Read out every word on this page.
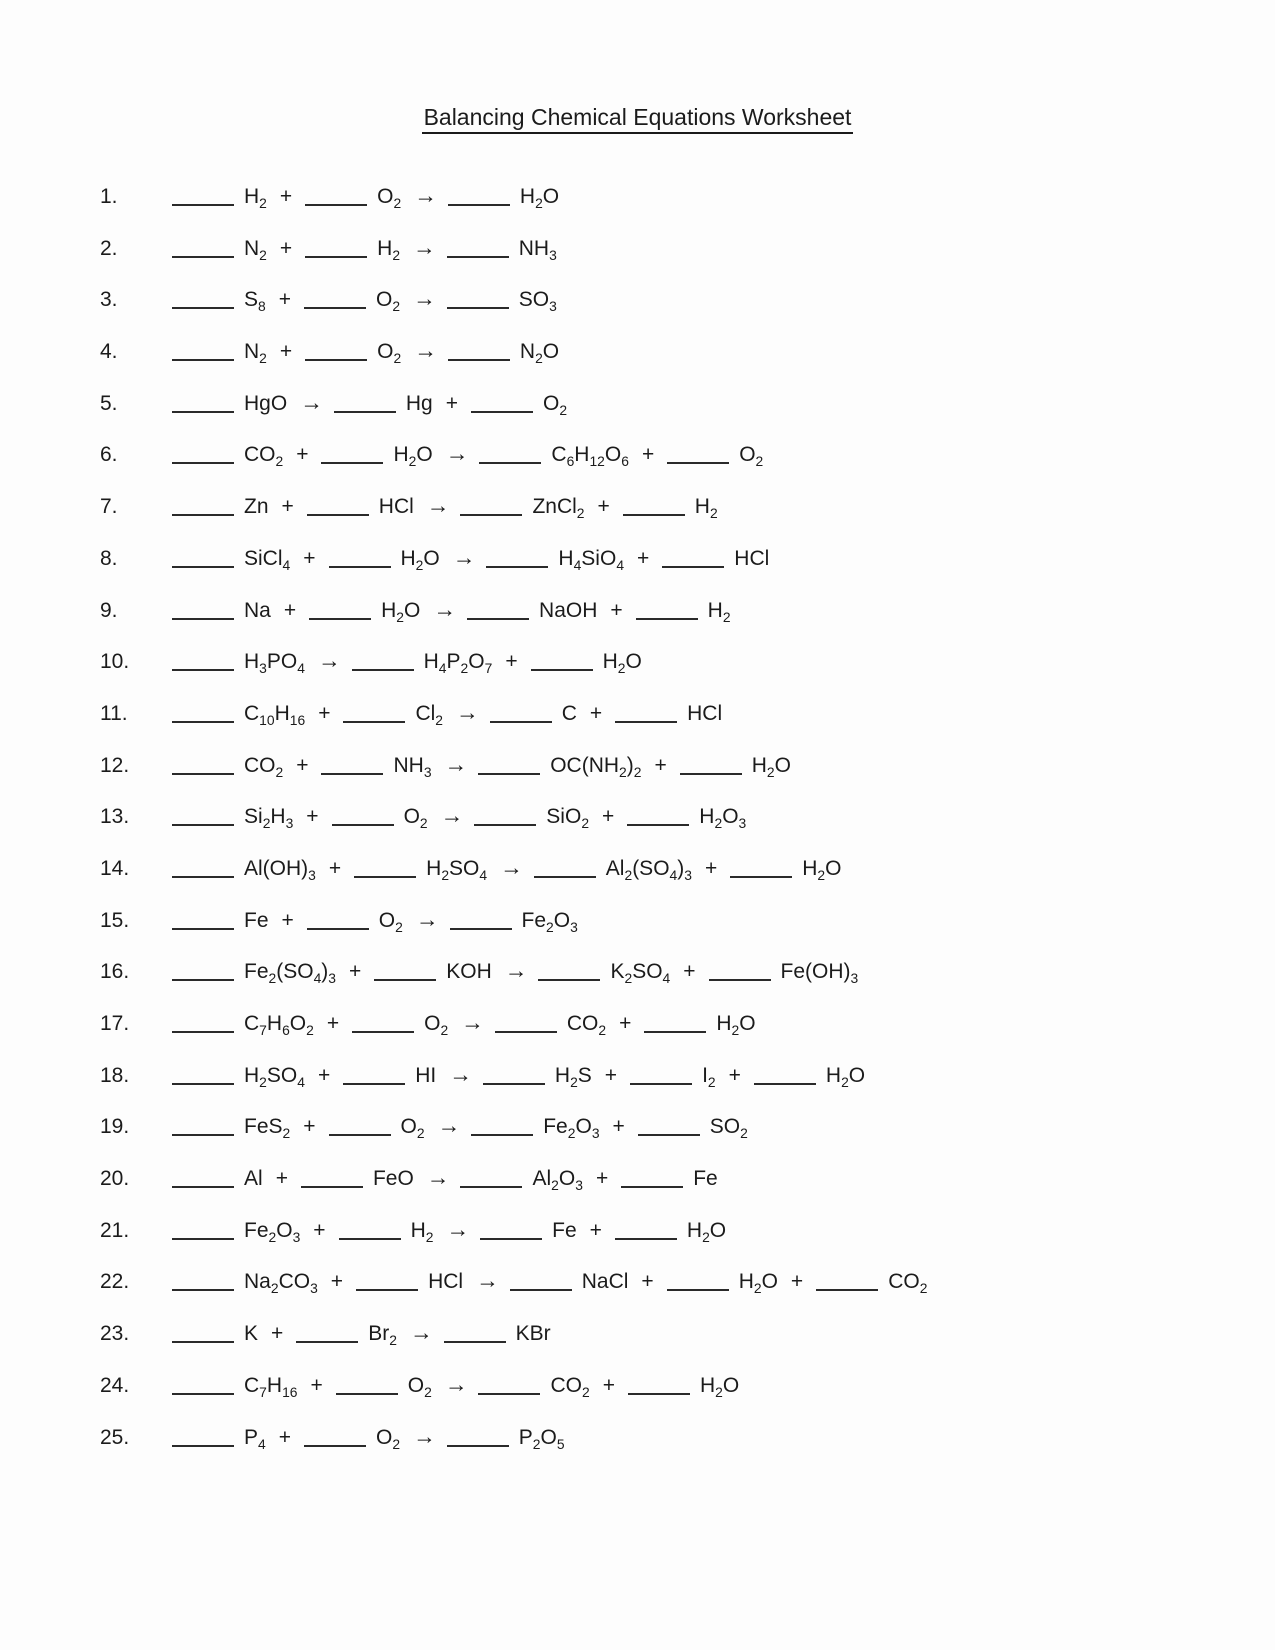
Balancing Chemical Equations Worksheet
1.	$H_2$ +	$O_2$ →	$H_2O$
2.	$N_2$ +	$H_2$ →	$NH_3$
3.	$S_8$ +	$O_2$ →	$SO_3$
4.	$N_2$ +	$O_2$ →	$N_2O$
5.	HgO →	Hg +	$O_2$
6.	$CO_2$ +	$H_2O$ →	$C_6H_{12}O_6$ +	$O_2$
7.	Zn +	HCl →	ZnCl$_2$ +	$H_2$
8.	SiCl$_4$ +	$H_2O$ →	$H_4SiO_4$ +	HCl
9.	Na +	$H_2O$ →	NaOH +	$H_2$
10.	$H_3PO_4$ →	$H_4P_2O_7$ +	$H_2O$
11.	$C_{10}H_{16}$ +	$Cl_2$ →	C +	HCl
12.	$CO_2$ +	$NH_3$ →	$OC(NH_2)_2$ +	$H_2O$
13.	$Si_2H_3$ +	$O_2$ →	SiO$_2$ +	$H_2O_3$
14.	$Al(OH)_3$ +	$H_2SO_4$ →	$Al_2(SO_4)_3$ +	$H_2O$
15.	Fe +	$O_2$ →	$Fe_2O_3$
16.	$Fe_2(SO_4)_3$ +	KOH →	$K_2SO_4$ +	$Fe(OH)_3$
17.	$C_7H_6O_2$ +	$O_2$ →	$CO_2$ +	$H_2O$
18.	$H_2SO_4$ +	HI →	$H_2S$ +	$I_2$ +	$H_2O$
19.	FeS$_2$ +	$O_2$ →	$Fe_2O_3$ +	$SO_2$
20.	Al +	FeO →	$Al_2O_3$ +	Fe
21.	$Fe_2O_3$ +	$H_2$ →	Fe +	$H_2O$
22.	$Na_2CO_3$ +	HCl →	NaCl +	$H_2O$ +	$CO_2$
23.	K +	$Br_2$ →	KBr
24.	$C_7H_{16}$ +	$O_2$ →	$CO_2$ +	$H_2O$
25.	$P_4$ +	$O_2$ →	$P_2O_5$
